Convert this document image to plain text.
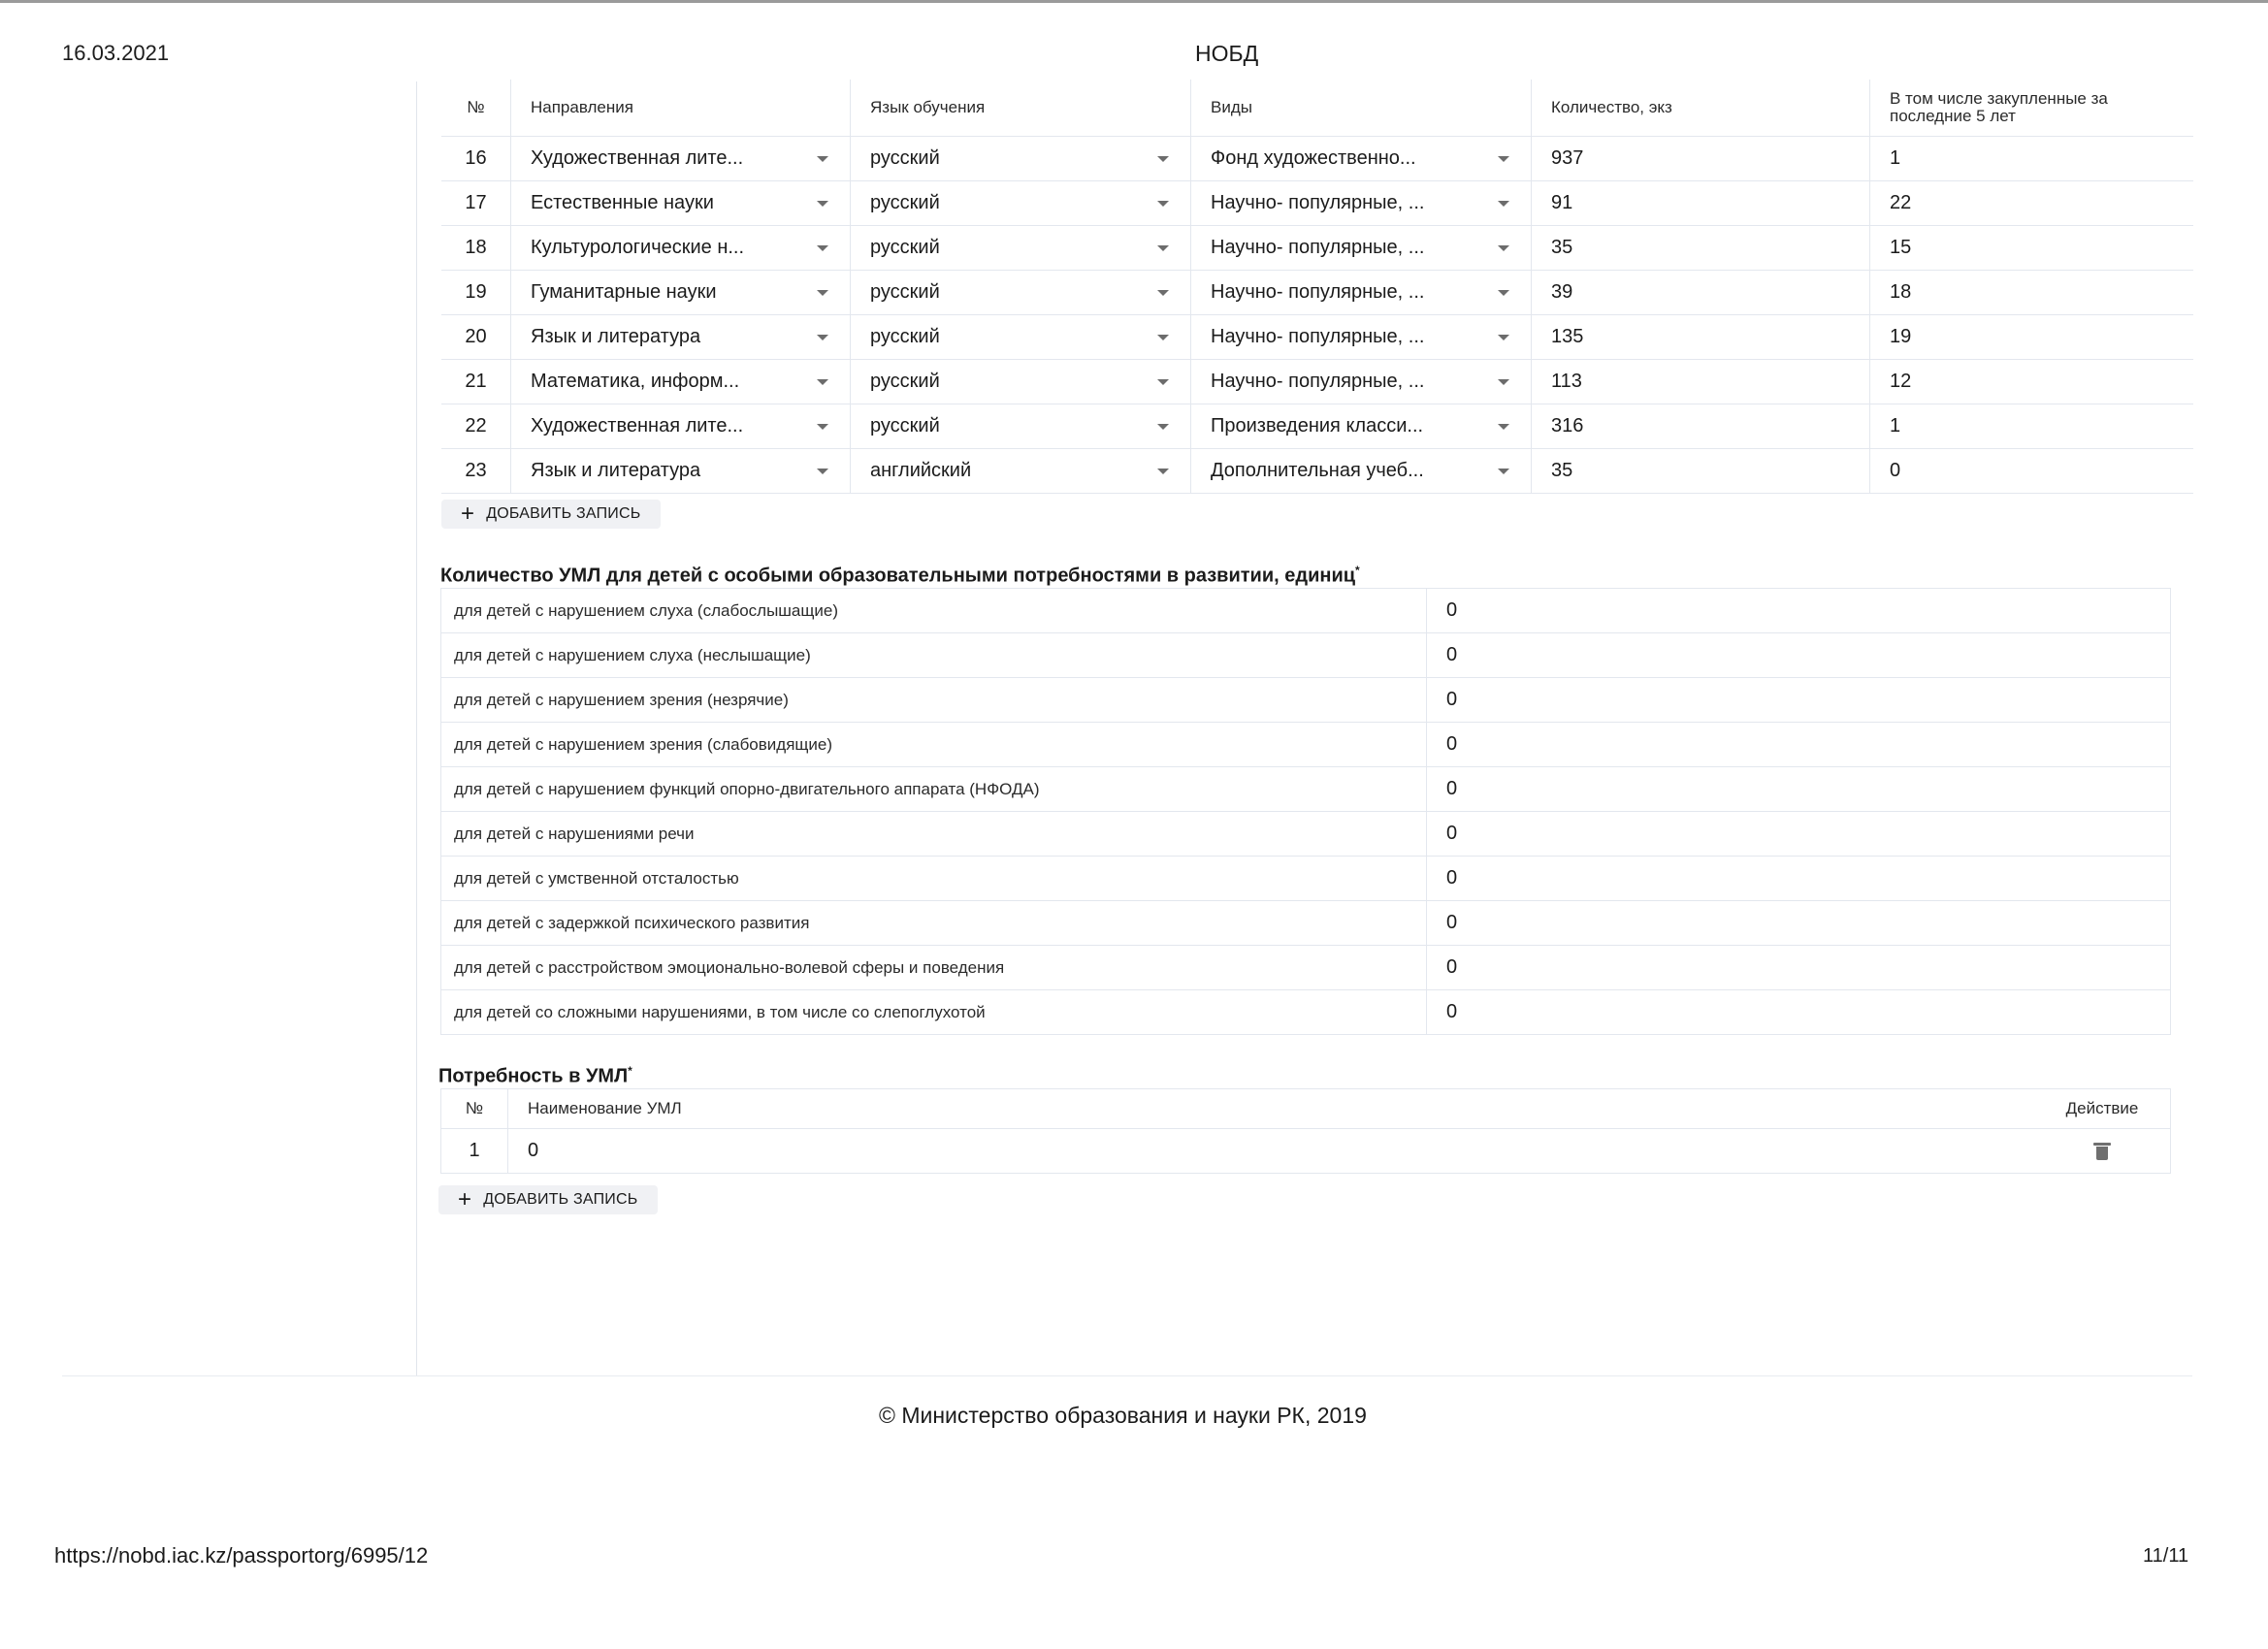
16.03.2021	НОБД
№	Направления	Язык обучения	Виды	Количество, экз	В том числе закупленные за последние 5 лет
16 Художественная лите...	русский	Фонд художественно...	937	1
17 Естественные науки	русский	Научно- популярные, ...	91	22
18 Культурологические н...	русский	Научно- популярные, ...	35	15
19 Гуманитарные науки	русский	Научно- популярные, ...	39	18
20 Язык и литература	русский	Научно- популярные, ...	135	19
21 Математика, информ...	русский	Научно- популярные, ...	113	12
22 Художественная лите...	русский	Произведения класси...	316	1
23 Язык и литература	английский	Дополнительная учеб...	35	0
+ ДОБАВИТЬ ЗАПИСЬ
Количество УМЛ для детей с особыми образовательными потребностями в развитии, единиц*
для детей с нарушением слуха (слабослышащие)	0
для детей с нарушением слуха (неслышащие)	0
для детей с нарушением зрения (незрячие)	0
для детей с нарушением зрения (слабовидящие)	0
для детей с нарушением функций опорно-двигательного аппарата (НФОДА)	0
для детей с нарушениями речи	0
для детей с умственной отсталостью	0
для детей с задержкой психического развития	0
для детей с расстройством эмоционально-волевой сферы и поведения	0
для детей со сложными нарушениями, в том числе со слепоглухотой	0
Потребность в УМЛ*
№	Наименование УМЛ	Действие
1	0
+ ДОБАВИТЬ ЗАПИСЬ
© Министерство образования и науки РК, 2019
https://nobd.iac.kz/passportorg/6995/12	11/11
